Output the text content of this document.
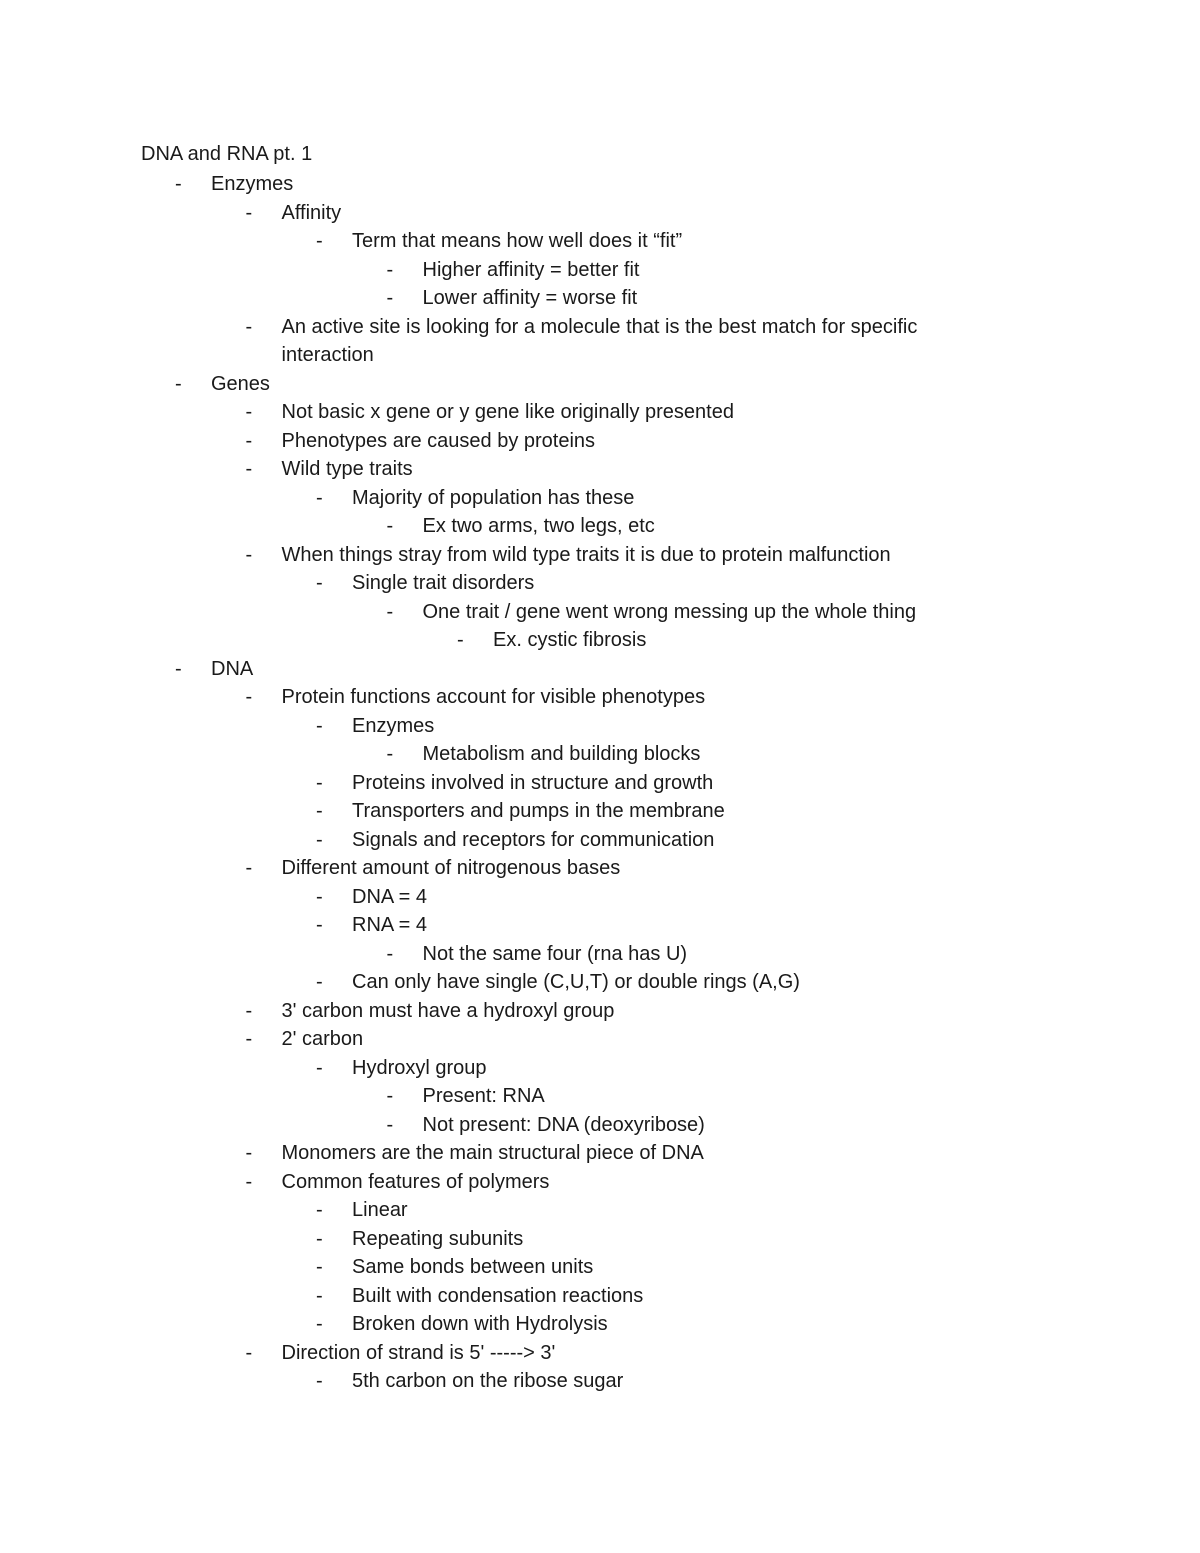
DNA and RNA pt. 1
-	Enzymes
-	Affinity
-	Term that means how well does it “fit”
-	Higher affinity = better fit
-	Lower affinity = worse fit
-	An active site is looking for a molecule that is the best match for specific interaction
-	Genes
-	Not basic x gene or y gene like originally presented
-	Phenotypes are caused by proteins
-	Wild type traits
-	Majority of population has these
-	Ex two arms, two legs, etc
-	When things stray from wild type traits it is due to protein malfunction
-	Single trait disorders
-	One trait / gene went wrong messing up the whole thing
-	Ex. cystic fibrosis
-	DNA
-	Protein functions account for visible phenotypes
-	Enzymes
-	Metabolism and building blocks
-	Proteins involved in structure and growth
-	Transporters and pumps in the membrane
-	Signals and receptors for communication
-	Different amount of nitrogenous bases
-	DNA = 4
-	RNA = 4
-	Not the same four (rna has U)
-	Can only have single (C,U,T) or double rings (A,G)
-	3' carbon must have a hydroxyl group
-	2' carbon
-	Hydroxyl group
-	Present: RNA
-	Not present: DNA (deoxyribose)
-	Monomers are the main structural piece of DNA
-	Common features of polymers
-	Linear
-	Repeating subunits
-	Same bonds between units
-	Built with condensation reactions
-	Broken down with Hydrolysis
-	Direction of strand is 5' -----> 3'
-	5th carbon on the ribose sugar
